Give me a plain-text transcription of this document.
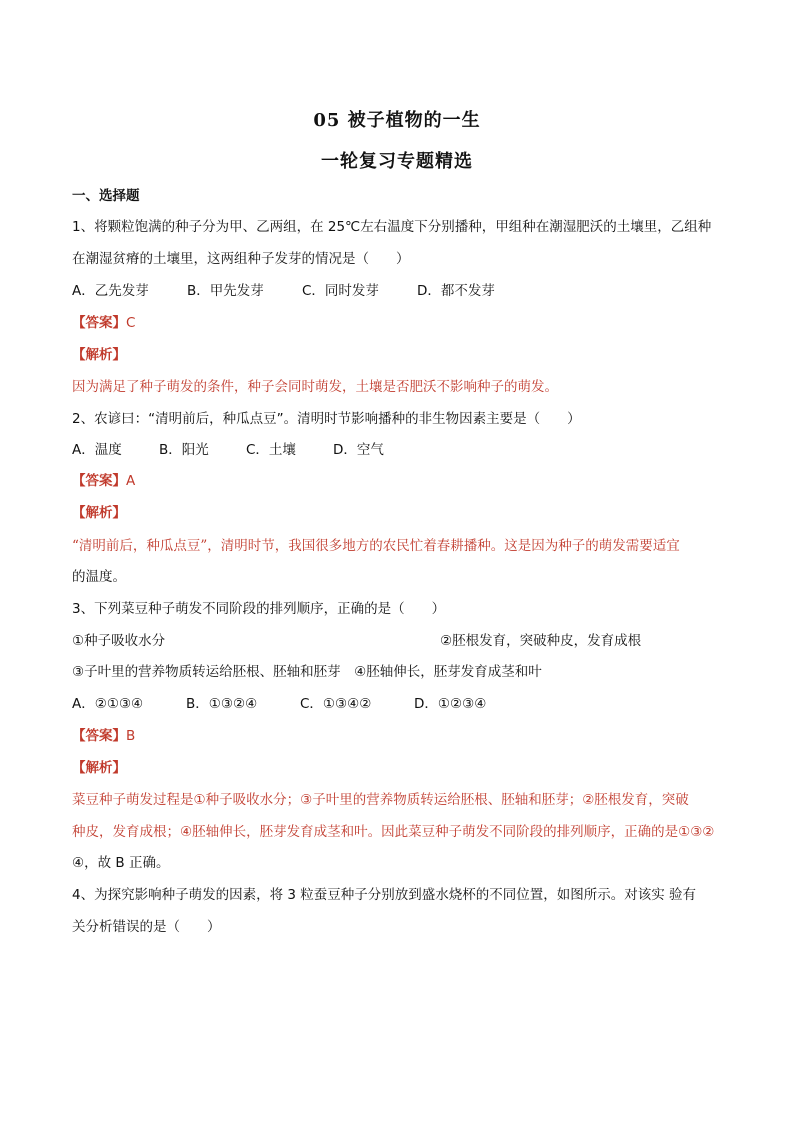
05 被子植物的一生
一轮复习专题精选
一、选择题
1、将颗粒饱满的种子分为甲、乙两组，在 25℃左右温度下分别播种，甲组种在潮湿肥沃的土壤里，乙组种
在潮湿贫瘠的土壤里，这两组种子发芽的情况是（　　）
A．乙先发芽	B．甲先发芽	C．同时发芽	D．都不发芽
【答案】C
【解析】
因为满足了种子萌发的条件，种子会同时萌发，土壤是否肥沃不影响种子的萌发。
2、农谚曰：“清明前后，种瓜点豆”。清明时节影响播种的非生物因素主要是（　　）
A．温度	B．阳光	C．土壤	D．空气
【答案】A
【解析】
“清明前后，种瓜点豆”，清明时节，我国很多地方的农民忙着春耕播种。这是因为种子的萌发需要适宜
的温度。
3、下列菜豆种子萌发不同阶段的排列顺序，正确的是（　　）
①种子吸收水分	②胚根发育，突破种皮，发育成根
③子叶里的营养物质转运给胚根、胚轴和胚芽　 ④胚轴伸长，胚芽发育成茎和叶
A．②①③④	B．①③②④	C．①③④②	D．①②③④
【答案】B
【解析】
菜豆种子萌发过程是①种子吸收水分；③子叶里的营养物质转运给胚根、胚轴和胚芽；②胚根发育，突破
种皮，发育成根；④胚轴伸长，胚芽发育成茎和叶。因此菜豆种子萌发不同阶段的排列顺序，正确的是①③②
④，故 B 正确。
4、为探究影响种子萌发的因素，将 3 粒蚕豆种子分别放到盛水烧杯的不同位置，如图所示。对该实 验有
关分析错误的是（　　）
